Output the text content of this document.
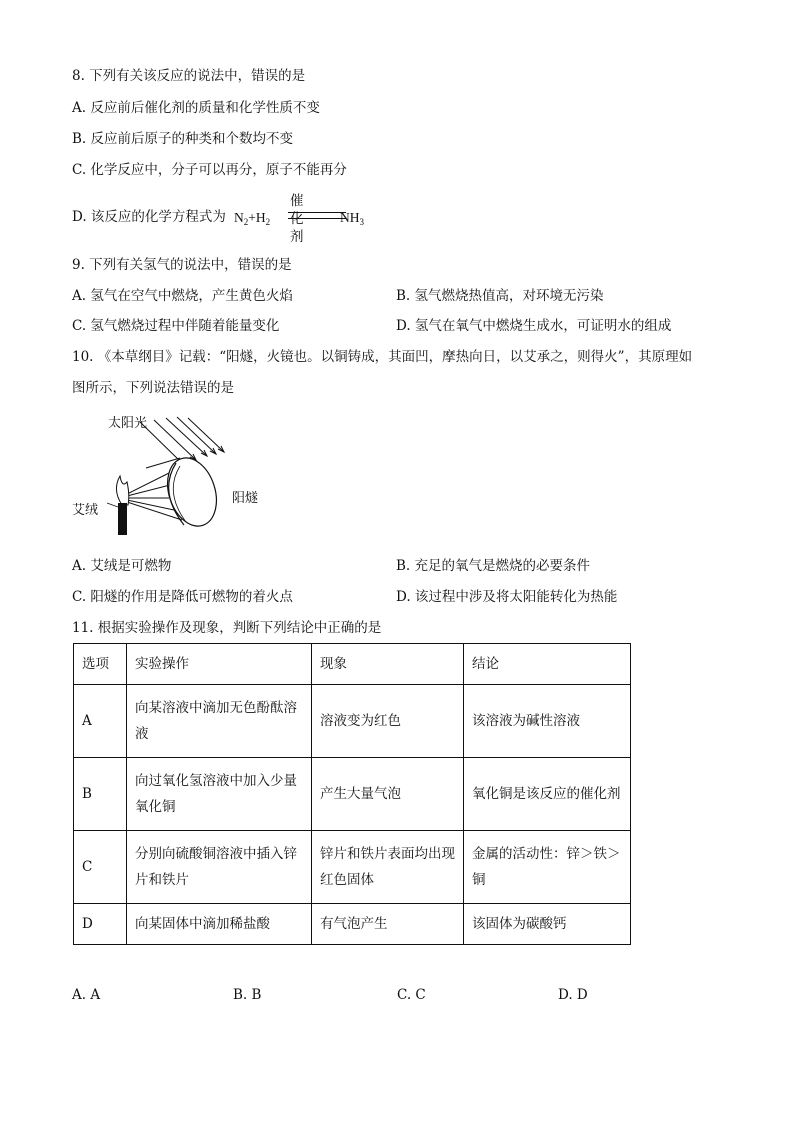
8. 下列有关该反应的说法中，错误的是
A. 反应前后催化剂的质量和化学性质不变
B. 反应前后原子的种类和个数均不变
C. 化学反应中，分子可以再分，原子不能再分
D. 该反应的化学方程式为 $N_2+H_2$
催化剂
$NH_3$
9. 下列有关氢气的说法中，错误的是
A. 氢气在空气中燃烧，产生黄色火焰	B. 氢气燃烧热值高，对环境无污染
C. 氢气燃烧过程中伴随着能量变化	D. 氢气在氧气中燃烧生成水，可证明水的组成
10. 《本草纲目》记载：“阳燧，火镜也。以铜铸成，其面凹，摩热向日，以艾承之，则得火”，其原理如
图所示，下列说法错误的是
太阳光
阳燧
艾绒
A. 艾绒是可燃物	B. 充足的氧气是燃烧的必要条件
C. 阳燧的作用是降低可燃物的着火点	D. 该过程中涉及将太阳能转化为热能
11. 根据实验操作及现象，判断下列结论中正确的是
选项	实验操作	现象	结论
A	向某溶液中滴加无色酚酞溶液	溶液变为红色	该溶液为碱性溶液
B	向过氧化氢溶液中加入少量氧化铜	产生大量气泡	氧化铜是该反应的催化剂
C	分别向硫酸铜溶液中插入锌片和铁片	锌片和铁片表面均出现红色固体	金属的活动性：锌＞铁＞铜
D	向某固体中滴加稀盐酸	有气泡产生	该固体为碳酸钙
A. A	B. B	C. C	D. D
